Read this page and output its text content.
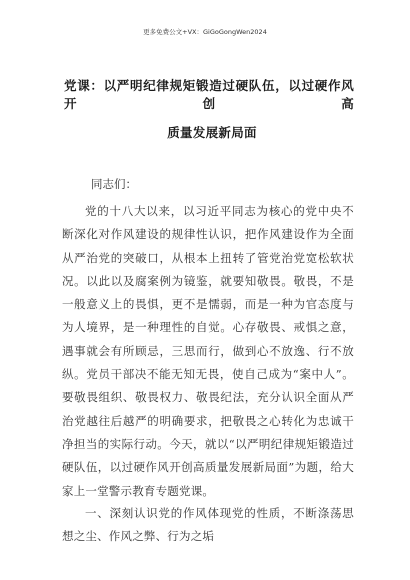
更多免费公文+VX：GiGoGongWen2024
党课：以严明纪律规矩锻造过硬队伍，以过硬作风开创高
质量发展新局面
同志们：

党的十八大以来，以习近平同志为核心的党中央不断深化对作风建设的规律性认识，把作风建设作为全面从严治党的突破口，从根本上扭转了管党治党宽松软状况。以此以及腐案例为镜鉴，就要知敬畏。敬畏，不是一般意义上的畏惧，更不是懦弱，而是一种为官态度与为人境界，是一种理性的自觉。心存敬畏、戒惧之意，遇事就会有所顾忌，三思而行，做到心不放逸、行不放纵。党员干部决不能无知无畏，使自己成为“案中人”。要敬畏组织、敬畏权力、敬畏纪法，充分认识全面从严治党越往后越严的明确要求，把敬畏之心转化为忠诚干净担当的实际行动。今天，就以“以严明纪律规矩锻造过硬队伍，以过硬作风开创高质量发展新局面”为题，给大家上一堂警示教育专题党课。

一、深刻认识党的作风体现党的性质，不断涤荡思想之尘、作风之弊、行为之垢
